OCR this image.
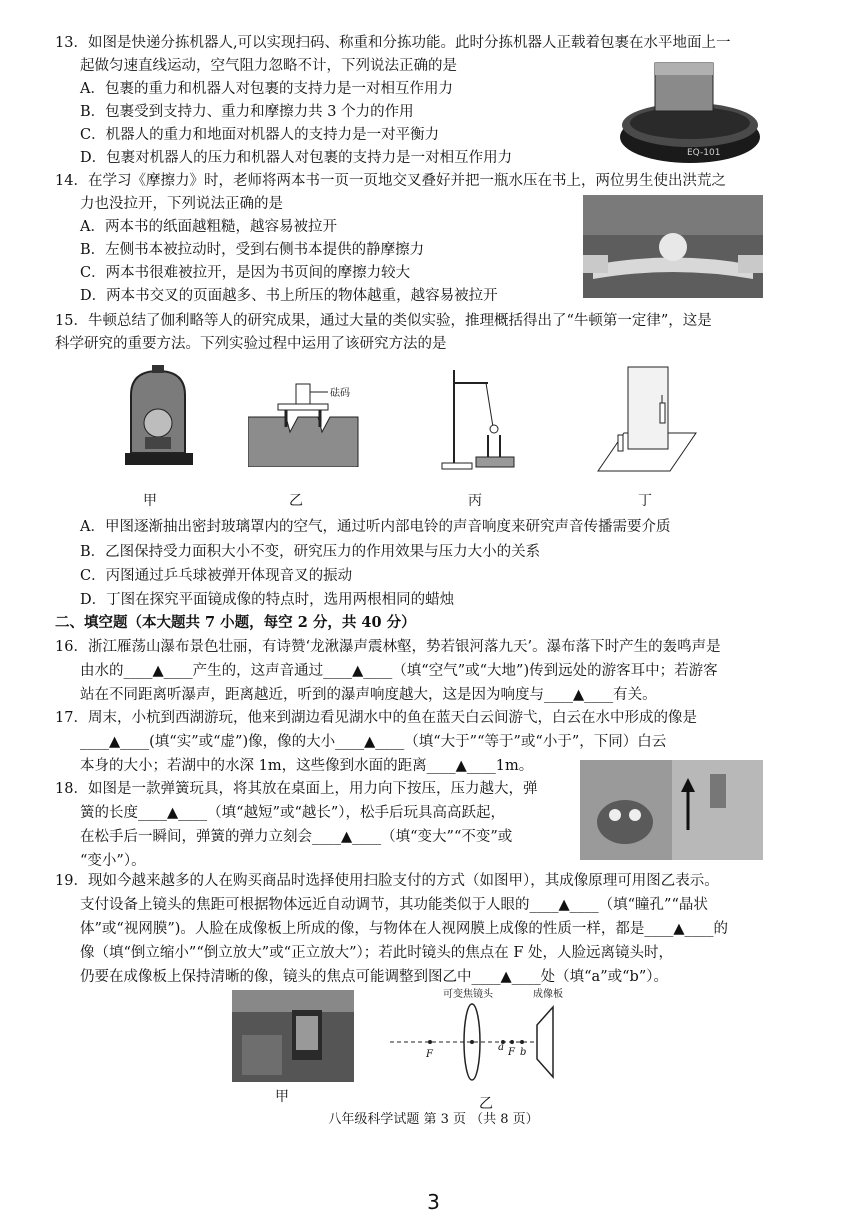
13．如图是快递分拣机器人,可以实现扫码、称重和分拣功能。此时分拣机器人正载着包裹在水平地面上一
起做匀速直线运动，空气阻力忽略不计，下列说法正确的是
A．包裹的重力和机器人对包裹的支持力是一对相互作用力
B．包裹受到支持力、重力和摩擦力共 3 个力的作用
C．机器人的重力和地面对机器人的支持力是一对平衡力
D．包裹对机器人的压力和机器人对包裹的支持力是一对相互作用力	EQ-101
14．在学习《摩擦力》时，老师将两本书一页一页地交叉叠好并把一瓶水压在书上，两位男生使出洪荒之
力也没拉开，下列说法正确的是
A．两本书的纸面越粗糙，越容易被拉开
B．左侧书本被拉动时，受到右侧书本提供的静摩擦力
C．两本书很难被拉开，是因为书页间的摩擦力较大
D．两本书交叉的页面越多、书上所压的物体越重，越容易被拉开
15．牛顿总结了伽利略等人的研究成果，通过大量的类似实验，推理概括得出了“牛顿第一定律”，这是
科学研究的重要方法。下列实验过程中运用了该研究方法的是
甲
砝码
乙	丙	丁
A．甲图逐渐抽出密封玻璃罩内的空气，通过听内部电铃的声音响度来研究声音传播需要介质
B．乙图保持受力面积大小不变，研究压力的作用效果与压力大小的关系
C．丙图通过乒乓球被弹开体现音叉的振动
D．丁图在探究平面镜成像的特点时，选用两根相同的蜡烛
二、填空题（本大题共 7 小题，每空 2 分，共 40 分）
16．浙江雁荡山瀑布景色壮丽，有诗赞‘龙湫瀑声震林壑，势若银河落九天’。瀑布落下时产生的轰鸣声是
由水的____▲____产生的，这声音通过____▲____（填“空气”或“大地”)传到远处的游客耳中；若游客
站在不同距离听瀑声，距离越近，听到的瀑声响度越大，这是因为响度与____▲____有关。
17．周末，小杭到西湖游玩，他来到湖边看见湖水中的鱼在蓝天白云间游弋，白云在水中形成的像是
____▲____(填“实”或“虚”)像，像的大小____▲____（填“大于”“等于”或“小于”，下同）白云
本身的大小；若湖中的水深 1m，这些像到水面的距离____▲____1m。
18．如图是一款弹簧玩具，将其放在桌面上，用力向下按压，压力越大，弹
簧的长度____▲____（填“越短”或“越长”），松手后玩具高高跃起，
在松手后一瞬间，弹簧的弹力立刻会____▲____（填“变大”“不变”或
“变小”）。
19．现如今越来越多的人在购买商品时选择使用扫脸支付的方式（如图甲），其成像原理可用图乙表示。
支付设备上镜头的焦距可根据物体远近自动调节，其功能类似于人眼的____▲____（填“瞳孔”“晶状
体”或“视网膜”)。人脸在成像板上所成的像，与物体在人视网膜上成像的性质一样，都是____▲____的
像（填“倒立缩小”“倒立放大”或“正立放大”）；若此时镜头的焦点在 F 处，人脸远离镜头时，
仍要在成像板上保持清晰的像，镜头的焦点可能调整到图乙中____▲____处（填“a”或“b”）。
甲
可变焦镜头	成像板
F
a F b
乙
八年级科学试题 第 3 页 （共 8 页）
3
